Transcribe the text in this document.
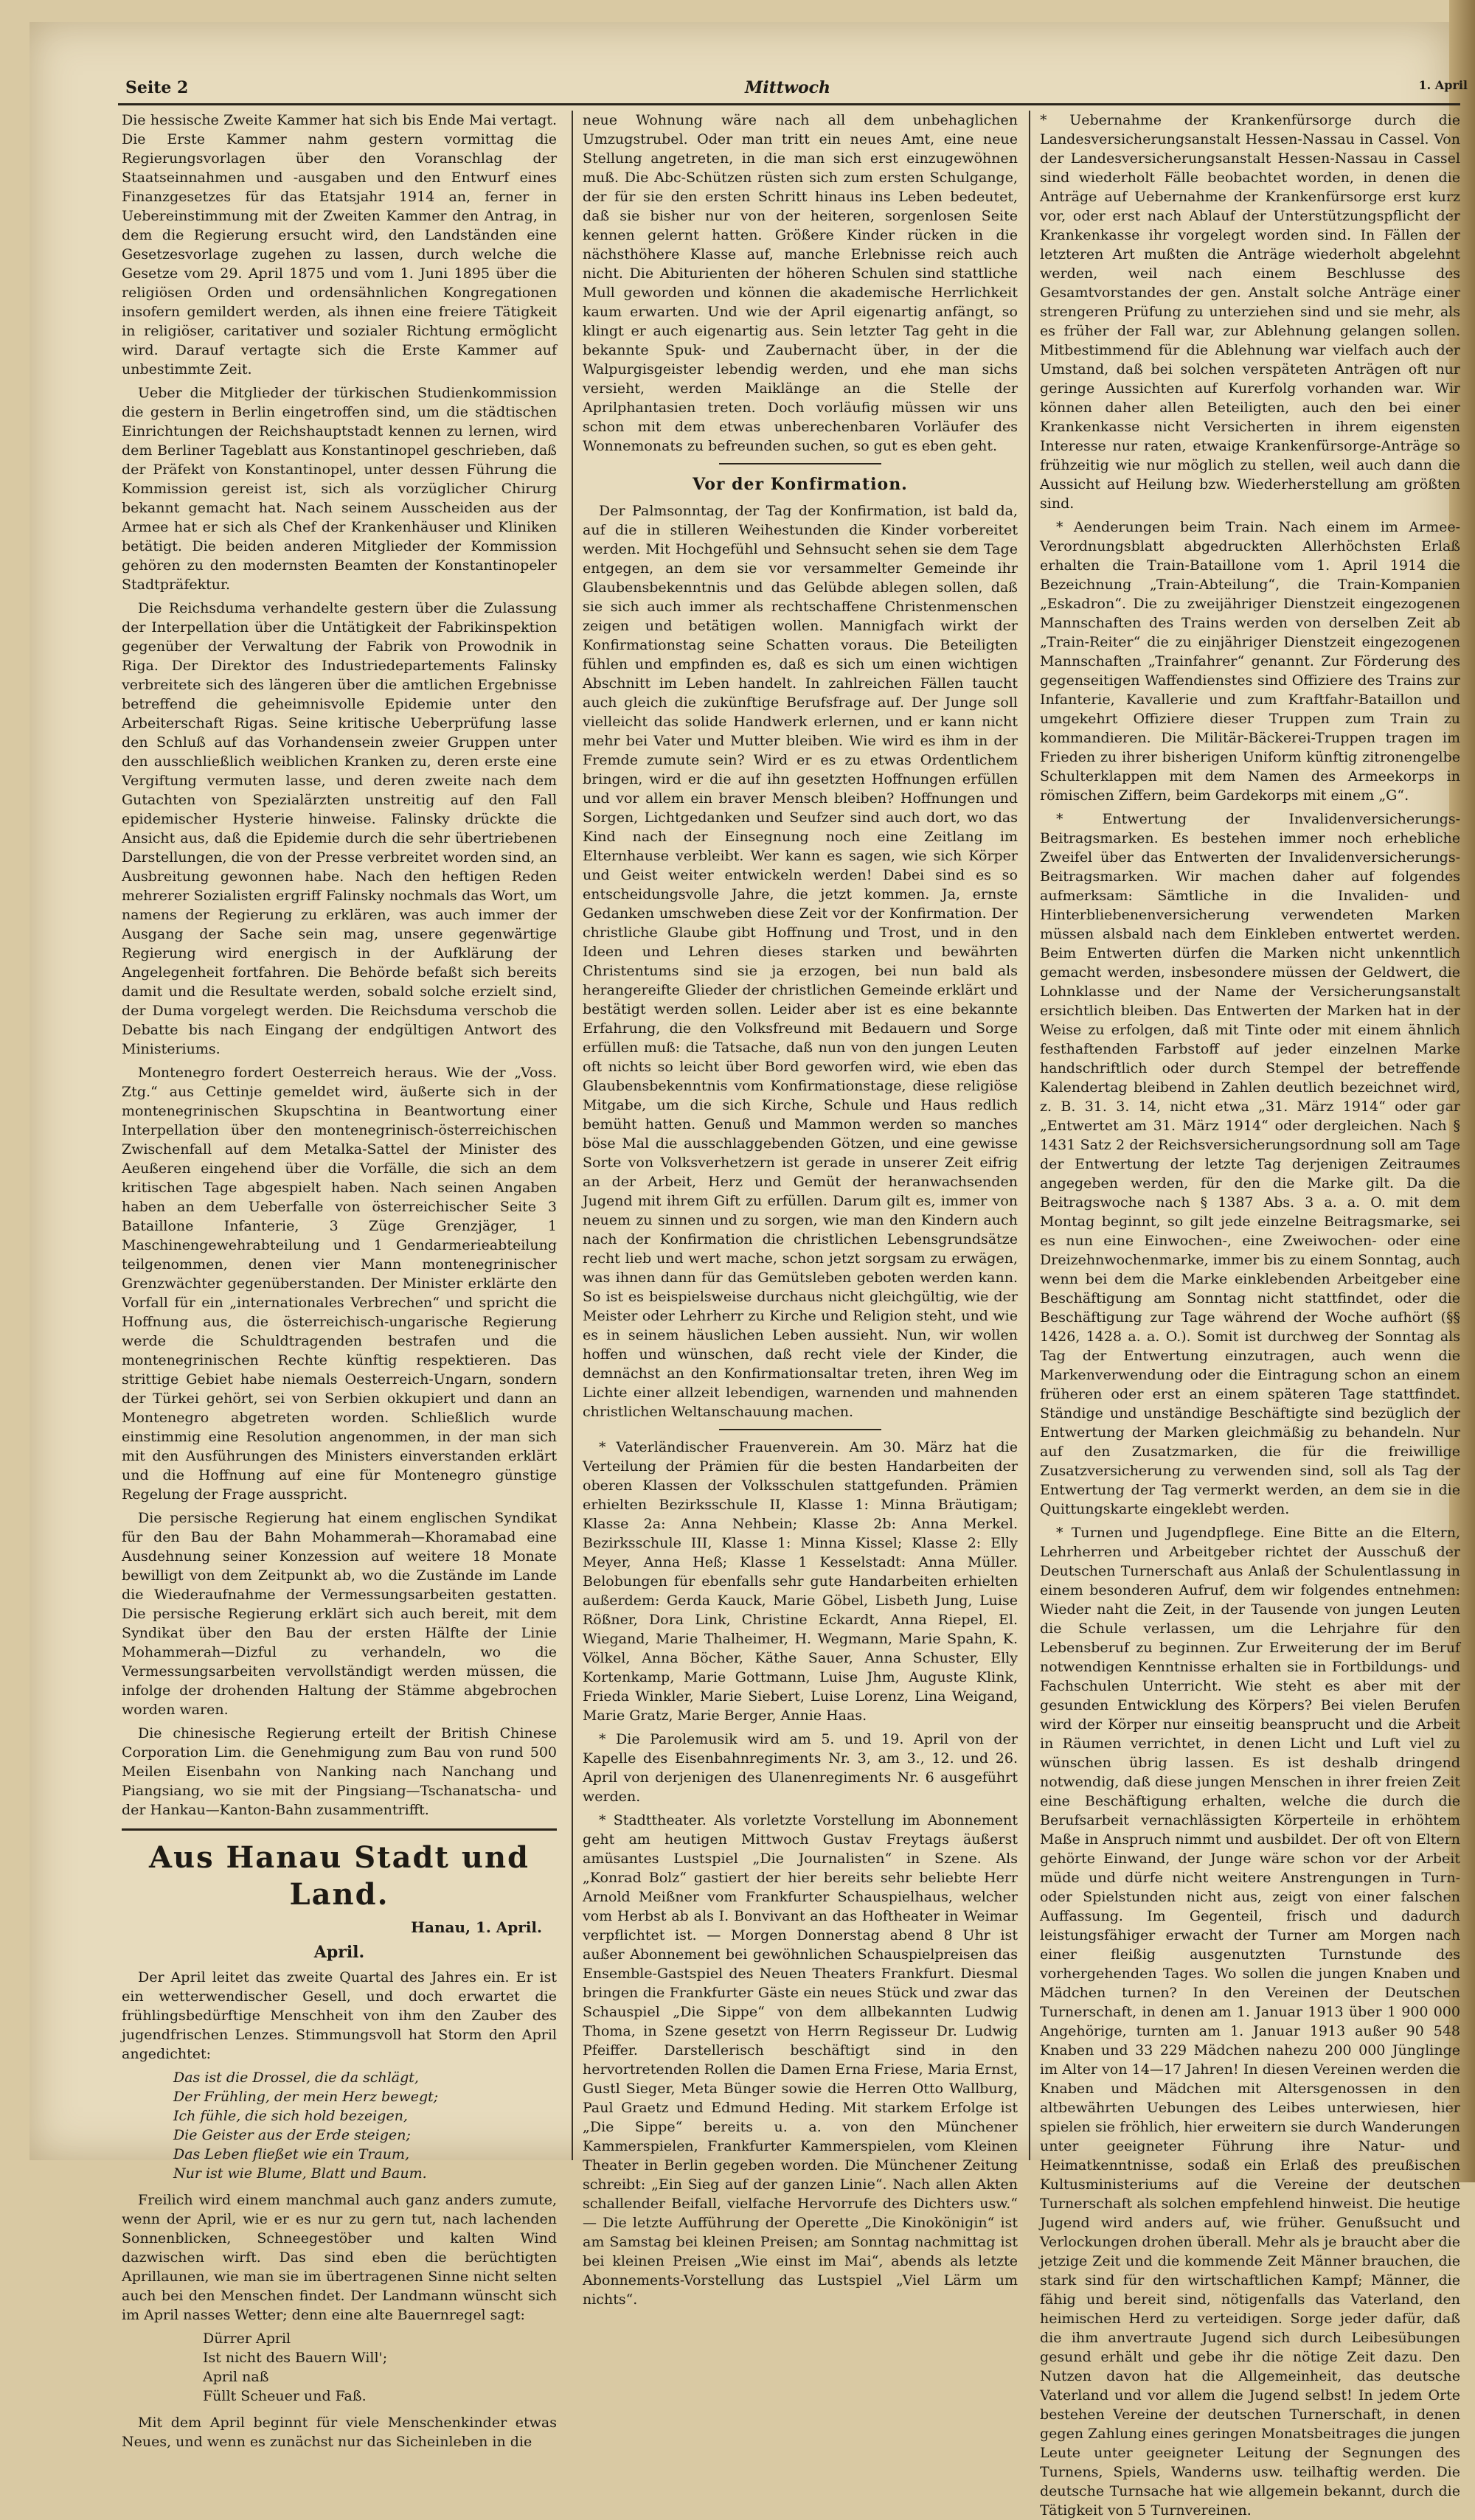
Seite 2	Mittwoch	1. April

Die hessische Zweite Kammer hat sich bis Ende Mai vertagt. Die Erste Kammer nahm gestern vormittag die Regierungsvorlagen über den Voranschlag der Staatseinnahmen und -ausgaben und den Entwurf eines Finanzgesetzes für das Etatsjahr 1914 an, ferner in Uebereinstimmung mit der Zweiten Kammer den Antrag, in dem die Regierung ersucht wird, den Landständen eine Gesetzesvorlage zugehen zu lassen, durch welche die Gesetze vom 29. April 1875 und vom 1. Juni 1895 über die religiösen Orden und ordensähnlichen Kongregationen insofern gemildert werden, als ihnen eine freiere Tätigkeit in religiöser, caritativer und sozialer Richtung ermöglicht wird. Darauf vertagte sich die Erste Kammer auf unbestimmte Zeit.

Ueber die Mitglieder der türkischen Studienkommission die gestern in Berlin eingetroffen sind, um die städtischen Einrichtungen der Reichshauptstadt kennen zu lernen, wird dem Berliner Tageblatt aus Konstantinopel geschrieben, daß der Präfekt von Konstantinopel, unter dessen Führung die Kommission gereist ist, sich als vorzüglicher Chirurg bekannt gemacht hat. Nach seinem Ausscheiden aus der Armee hat er sich als Chef der Krankenhäuser und Kliniken betätigt. Die beiden anderen Mitglieder der Kommission gehören zu den modernsten Beamten der Konstantinopeler Stadtpräfektur.

Die Reichsduma verhandelte gestern über die Zulassung der Interpellation über die Untätigkeit der Fabrikinspektion gegenüber der Verwaltung der Fabrik von Prowodnik in Riga. Der Direktor des Industriedepartements Falinsky verbreitete sich des längeren über die amtlichen Ergebnisse betreffend die geheimnisvolle Epidemie unter den Arbeiterschaft Rigas. Seine kritische Ueberprüfung lasse den Schluß auf das Vorhandensein zweier Gruppen unter den ausschließlich weiblichen Kranken zu, deren erste eine Vergiftung vermuten lasse, und deren zweite nach dem Gutachten von Spezialärzten unstreitig auf den Fall epidemischer Hysterie hinweise. Falinsky drückte die Ansicht aus, daß die Epidemie durch die sehr übertriebenen Darstellungen, die von der Presse verbreitet worden sind, an Ausbreitung gewonnen habe. Nach den heftigen Reden mehrerer Sozialisten ergriff Falinsky nochmals das Wort, um namens der Regierung zu erklären, was auch immer der Ausgang der Sache sein mag, unsere gegenwärtige Regierung wird energisch in der Aufklärung der Angelegenheit fortfahren. Die Behörde befaßt sich bereits damit und die Resultate werden, sobald solche erzielt sind, der Duma vorgelegt werden. Die Reichsduma verschob die Debatte bis nach Eingang der endgültigen Antwort des Ministeriums.

Montenegro fordert Oesterreich heraus. Wie der „Voss. Ztg.“ aus Cettinje gemeldet wird, äußerte sich in der montenegrinischen Skupschtina in Beantwortung einer Interpellation über den montenegrinisch-österreichischen Zwischenfall auf dem Metalka-Sattel der Minister des Aeußeren eingehend über die Vorfälle, die sich an dem kritischen Tage abgespielt haben. Nach seinen Angaben haben an dem Ueberfalle von österreichischer Seite 3 Bataillone Infanterie, 3 Züge Grenzjäger, 1 Maschinengewehrabteilung und 1 Gendarmerieabteilung teilgenommen, denen vier Mann montenegrinischer Grenzwächter gegenüberstanden. Der Minister erklärte den Vorfall für ein „internationales Verbrechen“ und spricht die Hoffnung aus, die österreichisch-ungarische Regierung werde die Schuldtragenden bestrafen und die montenegrinischen Rechte künftig respektieren. Das strittige Gebiet habe niemals Oesterreich-Ungarn, sondern der Türkei gehört, sei von Serbien okkupiert und dann an Montenegro abgetreten worden. Schließlich wurde einstimmig eine Resolution angenommen, in der man sich mit den Ausführungen des Ministers einverstanden erklärt und die Hoffnung auf eine für Montenegro günstige Regelung der Frage ausspricht.

Die persische Regierung hat einem englischen Syndikat für den Bau der Bahn Mohammerah—Khoramabad eine Ausdehnung seiner Konzession auf weitere 18 Monate bewilligt von dem Zeitpunkt ab, wo die Zustände im Lande die Wiederaufnahme der Vermessungsarbeiten gestatten. Die persische Regierung erklärt sich auch bereit, mit dem Syndikat über den Bau der ersten Hälfte der Linie Mohammerah—Dizful zu verhandeln, wo die Vermessungsarbeiten vervollständigt werden müssen, die infolge der drohenden Haltung der Stämme abgebrochen worden waren.

Die chinesische Regierung erteilt der British Chinese Corporation Lim. die Genehmigung zum Bau von rund 500 Meilen Eisenbahn von Nanking nach Nanchang und Piangsiang, wo sie mit der Pingsiang—Tschanatscha- und der Hankau—Kanton-Bahn zusammentrifft.

Aus Hanau Stadt und Land.
Hanau, 1. April.
April.

Der April leitet das zweite Quartal des Jahres ein. Er ist ein wetterwendischer Gesell, und doch erwartet die frühlingsbedürftige Menschheit von ihm den Zauber des jugendfrischen Lenzes. Stimmungsvoll hat Storm den April angedichtet:

Das ist die Drossel, die da schlägt,
Der Frühling, der mein Herz bewegt;
Ich fühle, die sich hold bezeigen,
Die Geister aus der Erde steigen;
Das Leben fließet wie ein Traum,
Nur ist wie Blume, Blatt und Baum.

Freilich wird einem manchmal auch ganz anders zumute, wenn der April, wie er es nur zu gern tut, nach lachenden Sonnenblicken, Schneegestöber und kalten Wind dazwischen wirft. Das sind eben die berüchtigten Aprillaunen, wie man sie im übertragenen Sinne nicht selten auch bei den Menschen findet. Der Landmann wünscht sich im April nasses Wetter; denn eine alte Bauernregel sagt:

Dürrer April
Ist nicht des Bauern Will';
April naß
Füllt Scheuer und Faß.

Mit dem April beginnt für viele Menschenkinder etwas Neues, und wenn es zunächst nur das Sicheinleben in die

neue Wohnung wäre nach all dem unbehaglichen Umzugstrubel. Oder man tritt ein neues Amt, eine neue Stellung angetreten, in die man sich erst einzugewöhnen muß. Die Abc-Schützen rüsten sich zum ersten Schulgange, der für sie den ersten Schritt hinaus ins Leben bedeutet, daß sie bisher nur von der heiteren, sorgenlosen Seite kennen gelernt hatten. Größere Kinder rücken in die nächsthöhere Klasse auf, manche Erlebnisse reich auch nicht. Die Abiturienten der höheren Schulen sind stattliche Mull geworden und können die akademische Herrlichkeit kaum erwarten. Und wie der April eigenartig anfängt, so klingt er auch eigenartig aus. Sein letzter Tag geht in die bekannte Spuk- und Zaubernacht über, in der die Walpurgisgeister lebendig werden, und ehe man sichs versieht, werden Maiklänge an die Stelle der Aprilphantasien treten. Doch vorläufig müssen wir uns schon mit dem etwas unberechenbaren Vorläufer des Wonnemonats zu befreunden suchen, so gut es eben geht.

Vor der Konfirmation.

Der Palmsonntag, der Tag der Konfirmation, ist bald da, auf die in stilleren Weihestunden die Kinder vorbereitet werden. Mit Hochgefühl und Sehnsucht sehen sie dem Tage entgegen, an dem sie vor versammelter Gemeinde ihr Glaubensbekenntnis und das Gelübde ablegen sollen, daß sie sich auch immer als rechtschaffene Christenmenschen zeigen und betätigen wollen. Mannigfach wirkt der Konfirmationstag seine Schatten voraus. Die Beteiligten fühlen und empfinden es, daß es sich um einen wichtigen Abschnitt im Leben handelt. In zahlreichen Fällen taucht auch gleich die zukünftige Berufsfrage auf. Der Junge soll vielleicht das solide Handwerk erlernen, und er kann nicht mehr bei Vater und Mutter bleiben. Wie wird es ihm in der Fremde zumute sein? Wird er es zu etwas Ordentlichem bringen, wird er die auf ihn gesetzten Hoffnungen erfüllen und vor allem ein braver Mensch bleiben? Hoffnungen und Sorgen, Lichtgedanken und Seufzer sind auch dort, wo das Kind nach der Einsegnung noch eine Zeitlang im Elternhause verbleibt. Wer kann es sagen, wie sich Körper und Geist weiter entwickeln werden! Dabei sind es so entscheidungsvolle Jahre, die jetzt kommen. Ja, ernste Gedanken umschweben diese Zeit vor der Konfirmation. Der christliche Glaube gibt Hoffnung und Trost, und in den Ideen und Lehren dieses starken und bewährten Christentums sind sie ja erzogen, bei nun bald als herangereifte Glieder der christlichen Gemeinde erklärt und bestätigt werden sollen. Leider aber ist es eine bekannte Erfahrung, die den Volksfreund mit Bedauern und Sorge erfüllen muß: die Tatsache, daß nun von den jungen Leuten oft nichts so leicht über Bord geworfen wird, wie eben das Glaubensbekenntnis vom Konfirmationstage, diese religiöse Mitgabe, um die sich Kirche, Schule und Haus redlich bemüht hatten. Genuß und Mammon werden so manches böse Mal die ausschlaggebenden Götzen, und eine gewisse Sorte von Volksverhetzern ist gerade in unserer Zeit eifrig an der Arbeit, Herz und Gemüt der heranwachsenden Jugend mit ihrem Gift zu erfüllen. Darum gilt es, immer von neuem zu sinnen und zu sorgen, wie man den Kindern auch nach der Konfirmation die christlichen Lebensgrundsätze recht lieb und wert mache, schon jetzt sorgsam zu erwägen, was ihnen dann für das Gemütsleben geboten werden kann. So ist es beispielsweise durchaus nicht gleichgültig, wie der Meister oder Lehrherr zu Kirche und Religion steht, und wie es in seinem häuslichen Leben aussieht. Nun, wir wollen hoffen und wünschen, daß recht viele der Kinder, die demnächst an den Konfirmationsaltar treten, ihren Weg im Lichte einer allzeit lebendigen, warnenden und mahnenden christlichen Weltanschauung machen.

* Vaterländischer Frauenverein. Am 30. März hat die Verteilung der Prämien für die besten Handarbeiten der oberen Klassen der Volksschulen stattgefunden. Prämien erhielten Bezirksschule II, Klasse 1: Minna Bräutigam; Klasse 2a: Anna Nehbein; Klasse 2b: Anna Merkel. Bezirksschule III, Klasse 1: Minna Kissel; Klasse 2: Elly Meyer, Anna Heß; Klasse 1 Kesselstadt: Anna Müller. Belobungen für ebenfalls sehr gute Handarbeiten erhielten außerdem: Gerda Kauck, Marie Göbel, Lisbeth Jung, Luise Rößner, Dora Link, Christine Eckardt, Anna Riepel, El. Wiegand, Marie Thalheimer, H. Wegmann, Marie Spahn, K. Völkel, Anna Böcher, Käthe Sauer, Anna Schuster, Elly Kortenkamp, Marie Gottmann, Luise Jhm, Auguste Klink, Frieda Winkler, Marie Siebert, Luise Lorenz, Lina Weigand, Marie Gratz, Marie Berger, Annie Haas.

* Die Parolemusik wird am 5. und 19. April von der Kapelle des Eisenbahnregiments Nr. 3, am 3., 12. und 26. April von derjenigen des Ulanenregiments Nr. 6 ausgeführt werden.

* Stadttheater. Als vorletzte Vorstellung im Abonnement geht am heutigen Mittwoch Gustav Freytags äußerst amüsantes Lustspiel „Die Journalisten“ in Szene. Als „Konrad Bolz“ gastiert der hier bereits sehr beliebte Herr Arnold Meißner vom Frankfurter Schauspielhaus, welcher vom Herbst ab als I. Bonvivant an das Hoftheater in Weimar verpflichtet ist. — Morgen Donnerstag abend 8 Uhr ist außer Abonnement bei gewöhnlichen Schauspielpreisen das Ensemble-Gastspiel des Neuen Theaters Frankfurt. Diesmal bringen die Frankfurter Gäste ein neues Stück und zwar das Schauspiel „Die Sippe“ von dem allbekannten Ludwig Thoma, in Szene gesetzt von Herrn Regisseur Dr. Ludwig Pfeiffer. Darstellerisch beschäftigt sind in den hervortretenden Rollen die Damen Erna Friese, Maria Ernst, Gustl Sieger, Meta Bünger sowie die Herren Otto Wallburg, Paul Graetz und Edmund Heding. Mit starkem Erfolge ist „Die Sippe“ bereits u. a. von den Münchener Kammerspielen, Frankfurter Kammerspielen, vom Kleinen Theater in Berlin gegeben worden. Die Münchener Zeitung schreibt: „Ein Sieg auf der ganzen Linie“. Nach allen Akten schallender Beifall, vielfache Hervorrufe des Dichters usw.“ — Die letzte Aufführung der Operette „Die Kinokönigin“ ist am Samstag bei kleinen Preisen; am Sonntag nachmittag ist bei kleinen Preisen „Wie einst im Mai“, abends als letzte Abonnements-Vorstellung das Lustspiel „Viel Lärm um nichts“.

* Uebernahme der Krankenfürsorge durch die Landesversicherungsanstalt Hessen-Nassau in Cassel. Von der Landesversicherungsanstalt Hessen-Nassau in Cassel sind wiederholt Fälle beobachtet worden, in denen die Anträge auf Uebernahme der Krankenfürsorge erst kurz vor, oder erst nach Ablauf der Unterstützungspflicht der Krankenkasse ihr vorgelegt worden sind. In Fällen der letzteren Art mußten die Anträge wiederholt abgelehnt werden, weil nach einem Beschlusse des Gesamtvorstandes der gen. Anstalt solche Anträge einer strengeren Prüfung zu unterziehen sind und sie mehr, als es früher der Fall war, zur Ablehnung gelangen sollen. Mitbestimmend für die Ablehnung war vielfach auch der Umstand, daß bei solchen verspäteten Anträgen oft nur geringe Aussichten auf Kurerfolg vorhanden war. Wir können daher allen Beteiligten, auch den bei einer Krankenkasse nicht Versicherten in ihrem eigensten Interesse nur raten, etwaige Krankenfürsorge-Anträge so frühzeitig wie nur möglich zu stellen, weil auch dann die Aussicht auf Heilung bzw. Wiederherstellung am größten sind.

* Aenderungen beim Train. Nach einem im Armee-Verordnungsblatt abgedruckten Allerhöchsten Erlaß erhalten die Train-Bataillone vom 1. April 1914 die Bezeichnung „Train-Abteilung“, die Train-Kompanien „Eskadron“. Die zu zweijähriger Dienstzeit eingezogenen Mannschaften des Trains werden von derselben Zeit ab „Train-Reiter“ die zu einjähriger Dienstzeit eingezogenen Mannschaften „Trainfahrer“ genannt. Zur Förderung des gegenseitigen Waffendienstes sind Offiziere des Trains zur Infanterie, Kavallerie und zum Kraftfahr-Bataillon und umgekehrt Offiziere dieser Truppen zum Train zu kommandieren. Die Militär-Bäckerei-Truppen tragen im Frieden zu ihrer bisherigen Uniform künftig zitronengelbe Schulterklappen mit dem Namen des Armeekorps in römischen Ziffern, beim Gardekorps mit einem „G“.

* Entwertung der Invalidenversicherungs-Beitragsmarken. Es bestehen immer noch erhebliche Zweifel über das Entwerten der Invalidenversicherungs-Beitragsmarken. Wir machen daher auf folgendes aufmerksam: Sämtliche in die Invaliden- und Hinterbliebenenversicherung verwendeten Marken müssen alsbald nach dem Einkleben entwertet werden. Beim Entwerten dürfen die Marken nicht unkenntlich gemacht werden, insbesondere müssen der Geldwert, die Lohnklasse und der Name der Versicherungsanstalt ersichtlich bleiben. Das Entwerten der Marken hat in der Weise zu erfolgen, daß mit Tinte oder mit einem ähnlich festhaftenden Farbstoff auf jeder einzelnen Marke handschriftlich oder durch Stempel der betreffende Kalendertag bleibend in Zahlen deutlich bezeichnet wird, z. B. 31. 3. 14, nicht etwa „31. März 1914“ oder gar „Entwertet am 31. März 1914“ oder dergleichen. Nach § 1431 Satz 2 der Reichsversicherungsordnung soll am Tage der Entwertung der letzte Tag derjenigen Zeitraumes angegeben werden, für den die Marke gilt. Da die Beitragswoche nach § 1387 Abs. 3 a. a. O. mit dem Montag beginnt, so gilt jede einzelne Beitragsmarke, sei es nun eine Einwochen-, eine Zweiwochen- oder eine Dreizehnwochenmarke, immer bis zu einem Sonntag, auch wenn bei dem die Marke einklebenden Arbeitgeber eine Beschäftigung am Sonntag nicht stattfindet, oder die Beschäftigung zur Tage während der Woche aufhört (§§ 1426, 1428 a. a. O.). Somit ist durchweg der Sonntag als Tag der Entwertung einzutragen, auch wenn die Markenverwendung oder die Eintragung schon an einem früheren oder erst an einem späteren Tage stattfindet. Ständige und unständige Beschäftigte sind bezüglich der Entwertung der Marken gleichmäßig zu behandeln. Nur auf den Zusatzmarken, die für die freiwillige Zusatzversicherung zu verwenden sind, soll als Tag der Entwertung der Tag vermerkt werden, an dem sie in die Quittungskarte eingeklebt werden.

* Turnen und Jugendpflege. Eine Bitte an die Eltern, Lehrherren und Arbeitgeber richtet der Ausschuß der Deutschen Turnerschaft aus Anlaß der Schulentlassung in einem besonderen Aufruf, dem wir folgendes entnehmen: Wieder naht die Zeit, in der Tausende von jungen Leuten die Schule verlassen, um die Lehrjahre für den Lebensberuf zu beginnen. Zur Erweiterung der im Beruf notwendigen Kenntnisse erhalten sie in Fortbildungs- und Fachschulen Unterricht. Wie steht es aber mit der gesunden Entwicklung des Körpers? Bei vielen Berufen wird der Körper nur einseitig beansprucht und die Arbeit in Räumen verrichtet, in denen Licht und Luft viel zu wünschen übrig lassen. Es ist deshalb dringend notwendig, daß diese jungen Menschen in ihrer freien Zeit eine Beschäftigung erhalten, welche die durch die Berufsarbeit vernachlässigten Körperteile in erhöhtem Maße in Anspruch nimmt und ausbildet. Der oft von Eltern gehörte Einwand, der Junge wäre schon vor der Arbeit müde und dürfe nicht weitere Anstrengungen in Turn- oder Spielstunden nicht aus, zeigt von einer falschen Auffassung. Im Gegenteil, frisch und dadurch leistungsfähiger erwacht der Turner am Morgen nach einer fleißig ausgenutzten Turnstunde des vorhergehenden Tages. Wo sollen die jungen Knaben und Mädchen turnen? In den Vereinen der Deutschen Turnerschaft, in denen am 1. Januar 1913 über 1 900 000 Angehörige, turnten am 1. Januar 1913 außer 90 548 Knaben und 33 229 Mädchen nahezu 200 000 Jünglinge im Alter von 14—17 Jahren! In diesen Vereinen werden die Knaben und Mädchen mit Altersgenossen in den altbewährten Uebungen des Leibes unterwiesen, hier spielen sie fröhlich, hier erweitern sie durch Wanderungen unter geeigneter Führung ihre Natur- und Heimatkenntnisse, sodaß ein Erlaß des preußischen Kultusministeriums auf die Vereine der deutschen Turnerschaft als solchen empfehlend hinweist. Die heutige Jugend wird anders auf, wie früher. Genußsucht und Verlockungen drohen überall. Mehr als je braucht aber die jetzige Zeit und die kommende Zeit Männer brauchen, die stark sind für den wirtschaftlichen Kampf; Männer, die fähig und bereit sind, nötigenfalls das Vaterland, den heimischen Herd zu verteidigen. Sorge jeder dafür, daß die ihm anvertraute Jugend sich durch Leibesübungen gesund erhält und gebe ihr die nötige Zeit dazu. Den Nutzen davon hat die Allgemeinheit, das deutsche Vaterland und vor allem die Jugend selbst! In jedem Orte bestehen Vereine der deutschen Turnerschaft, in denen gegen Zahlung eines geringen Monatsbeitrages die jungen Leute unter geeigneter Leitung der Segnungen des Turnens, Spiels, Wanderns usw. teilhaftig werden. Die deutsche Turnsache hat wie allgemein bekannt, durch die Tätigkeit von 5 Turnvereinen.
